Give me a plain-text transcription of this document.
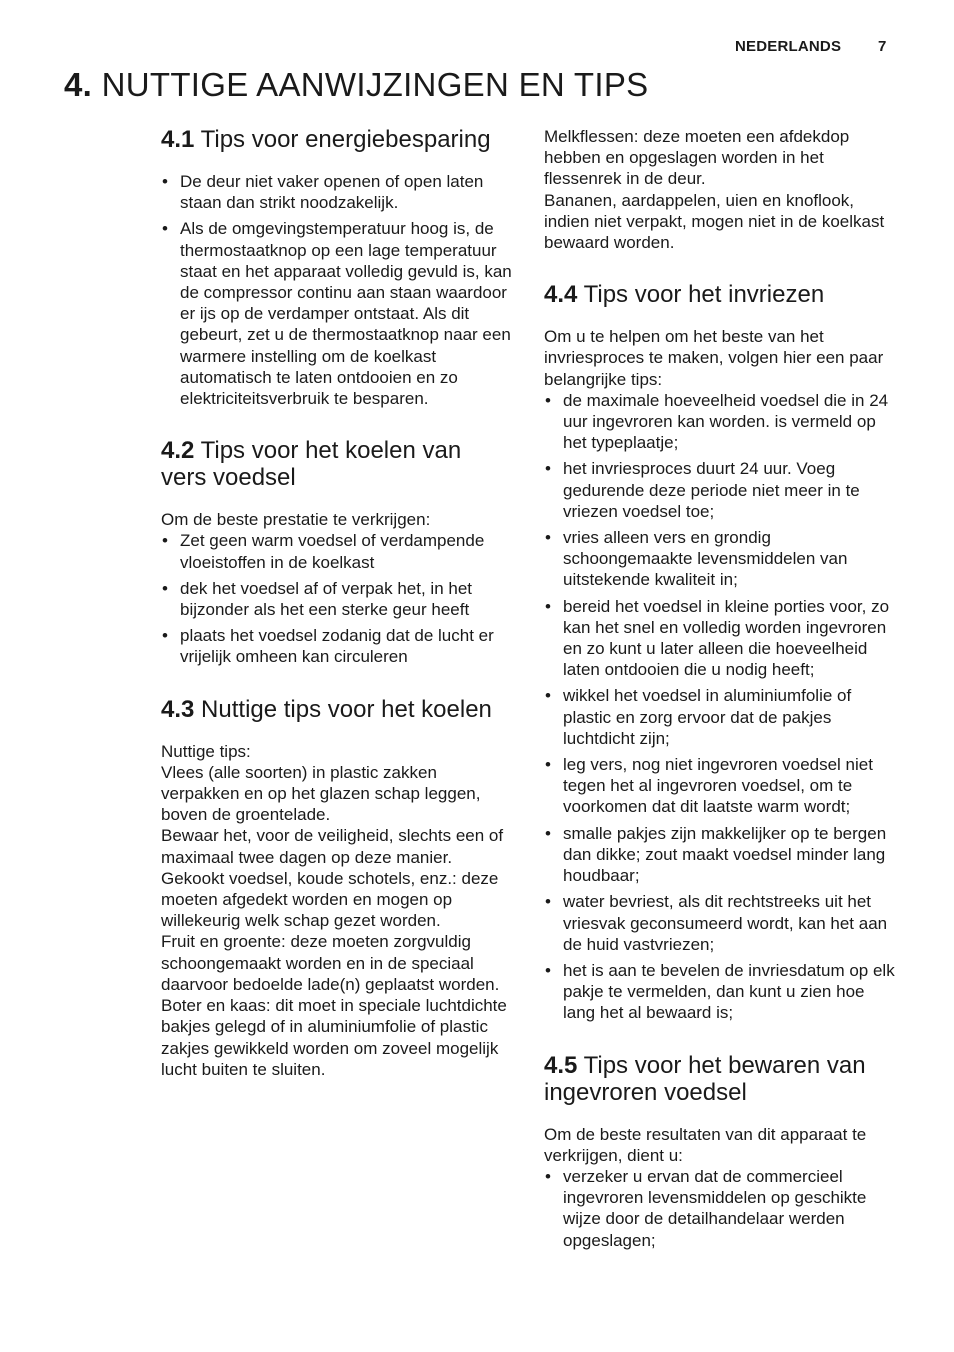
NEDERLANDS 7
4. NUTTIGE AANWIJZINGEN EN TIPS
4.1 Tips voor energiebesparing
• De deur niet vaker openen of open laten staan dan strikt noodzakelijk.
• Als de omgevingstemperatuur hoog is, de thermostaatknop op een lage temperatuur staat en het apparaat volledig gevuld is, kan de compressor continu aan staan waardoor er ijs op de verdamper ontstaat. Als dit gebeurt, zet u de thermostaatknop naar een warmere instelling om de koelkast automatisch te laten ontdooien en zo elektriciteitsverbruik te besparen.
4.2 Tips voor het koelen van vers voedsel

Om de beste prestatie te verkrijgen:

• Zet geen warm voedsel of verdampende vloeistoffen in de koelkast
• dek het voedsel af of verpak het, in het bijzonder als het een sterke geur heeft
• plaats het voedsel zodanig dat de lucht er vrijelijk omheen kan circuleren
4.3 Nuttige tips voor het koelen
Nuttige tips:
Vlees (alle soorten) in plastic zakken verpakken en op het glazen schap leggen, boven de groentelade.
Bewaar het, voor de veiligheid, slechts een of maximaal twee dagen op deze manier.
Gekookt voedsel, koude schotels, enz.: deze moeten afgedekt worden en mogen op willekeurig welk schap gezet worden.
Fruit en groente: deze moeten zorgvuldig schoongemaakt worden en in de speciaal daarvoor bedoelde lade(n) geplaatst worden.
Boter en kaas: dit moet in speciale luchtdichte bakjes gelegd of in aluminiumfolie of plastic zakjes gewikkeld worden om zoveel mogelijk lucht buiten te sluiten.
Melkflessen: deze moeten een afdekdop hebben en opgeslagen worden in het flessenrek in de deur.
Bananen, aardappelen, uien en knoflook, indien niet verpakt, mogen niet in de koelkast bewaard worden.
4.4 Tips voor het invriezen

Om u te helpen om het beste van het invriesproces te maken, volgen hier een paar belangrijke tips:

• de maximale hoeveelheid voedsel die in 24 uur ingevroren kan worden. is vermeld op het typeplaatje;
• het invriesproces duurt 24 uur. Voeg gedurende deze periode niet meer in te vriezen voedsel toe;
• vries alleen vers en grondig schoongemaakte levensmiddelen van uitstekende kwaliteit in;
• bereid het voedsel in kleine porties voor, zo kan het snel en volledig worden ingevroren en zo kunt u later alleen die hoeveelheid laten ontdooien die u nodig heeft;
• wikkel het voedsel in aluminiumfolie of plastic en zorg ervoor dat de pakjes luchtdicht zijn;
• leg vers, nog niet ingevroren voedsel niet tegen het al ingevroren voedsel, om te voorkomen dat dit laatste warm wordt;
• smalle pakjes zijn makkelijker op te bergen dan dikke; zout maakt voedsel minder lang houdbaar;
• water bevriest, als dit rechtstreeks uit het vriesvak geconsumeerd wordt, kan het aan de huid vastvriezen;
• het is aan te bevelen de invriesdatum op elk pakje te vermelden, dan kunt u zien hoe lang het al bewaard is;
4.5 Tips voor het bewaren van ingevroren voedsel

Om de beste resultaten van dit apparaat te verkrijgen, dient u:

• verzeker u ervan dat de commercieel ingevroren levensmiddelen op geschikte wijze door de detailhandelaar werden opgeslagen;
